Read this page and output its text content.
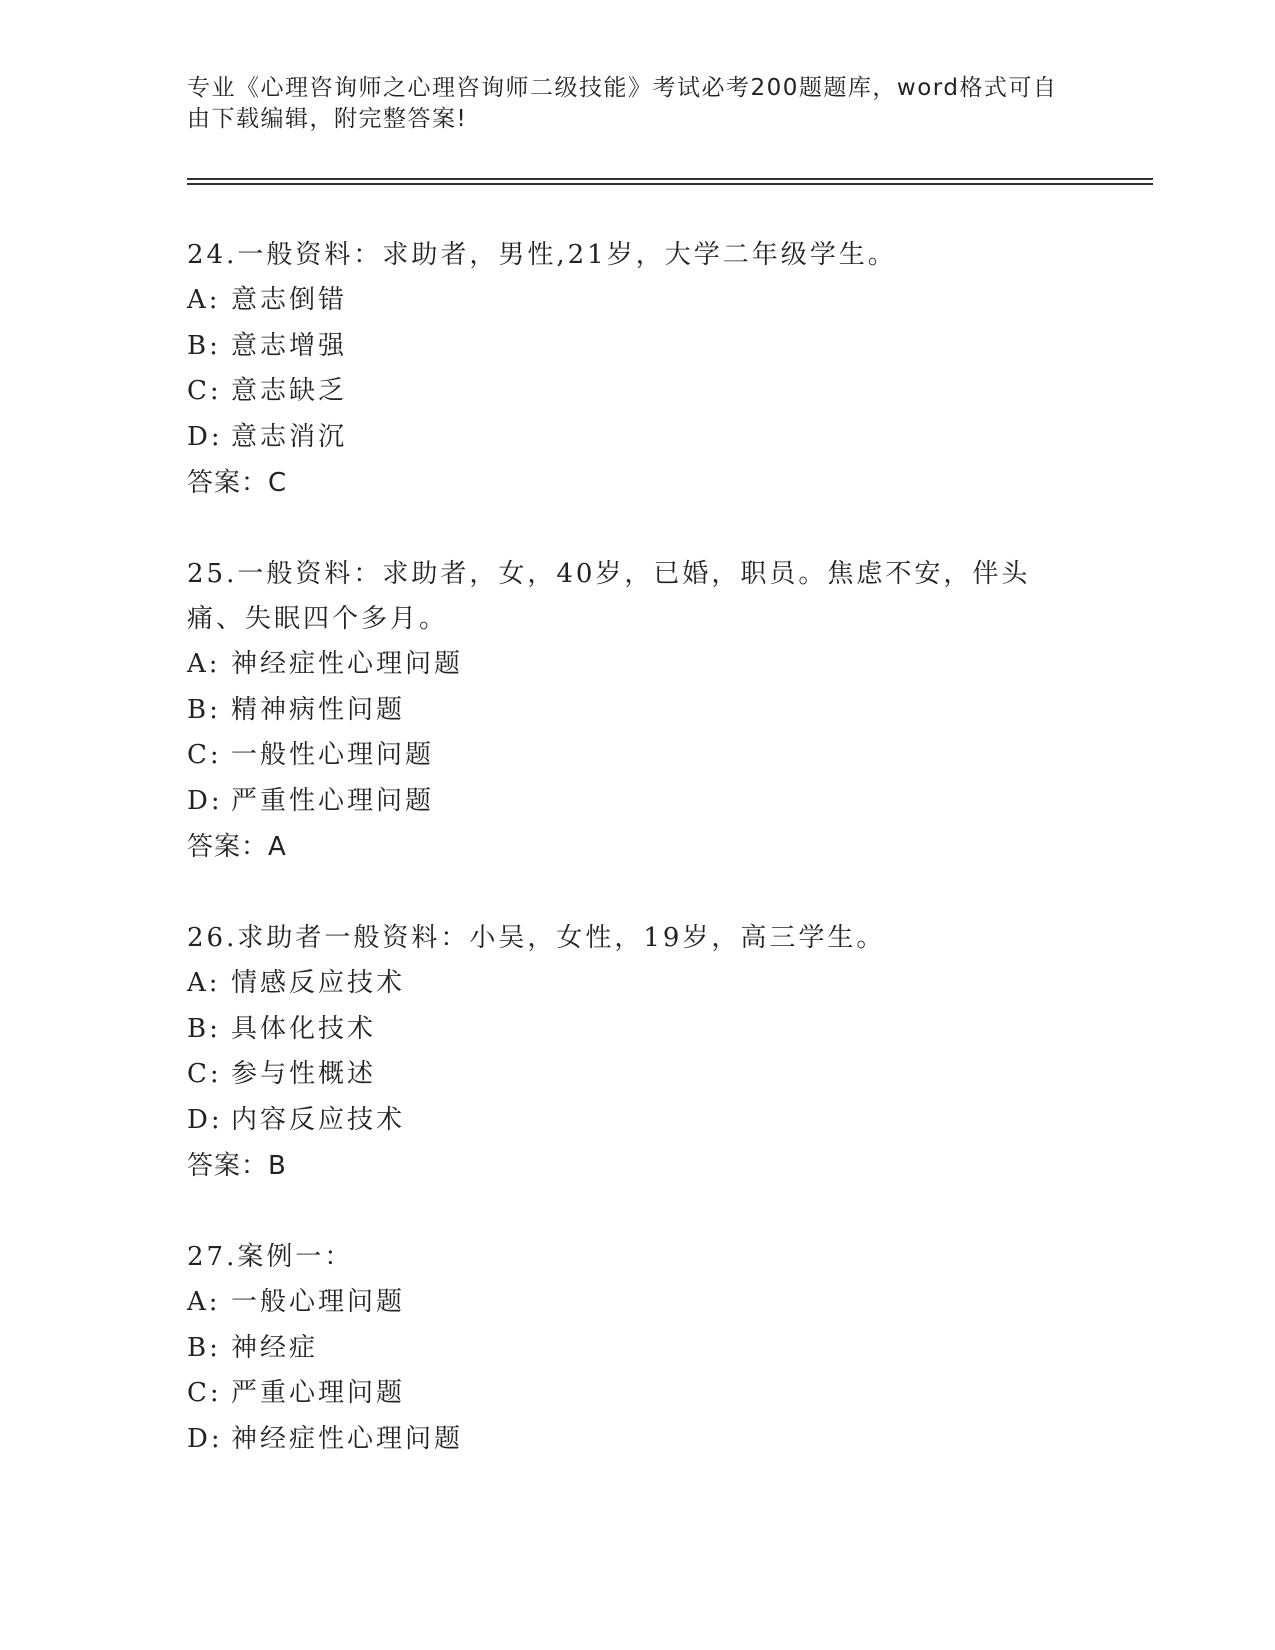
专业《心理咨询师之心理咨询师二级技能》考试必考200题题库，word格式可自由下载编辑，附完整答案!

24.一般资料：求助者，男性,21岁，大学二年级学生。

A: 意志倒错

B: 意志增强

C: 意志缺乏

D: 意志消沉

答案：C

25.一般资料：求助者，女，40岁，已婚，职员。焦虑不安，伴头痛、失眠四个多月。

A: 神经症性心理问题

B: 精神病性问题

C: 一般性心理问题

D: 严重性心理问题

答案：A

26.求助者一般资料：小吴，女性，19岁，高三学生。

A: 情感反应技术

B: 具体化技术

C: 参与性概述

D: 内容反应技术

答案：B

27.案例一：

A: 一般心理问题

B: 神经症

C: 严重心理问题

D: 神经症性心理问题
